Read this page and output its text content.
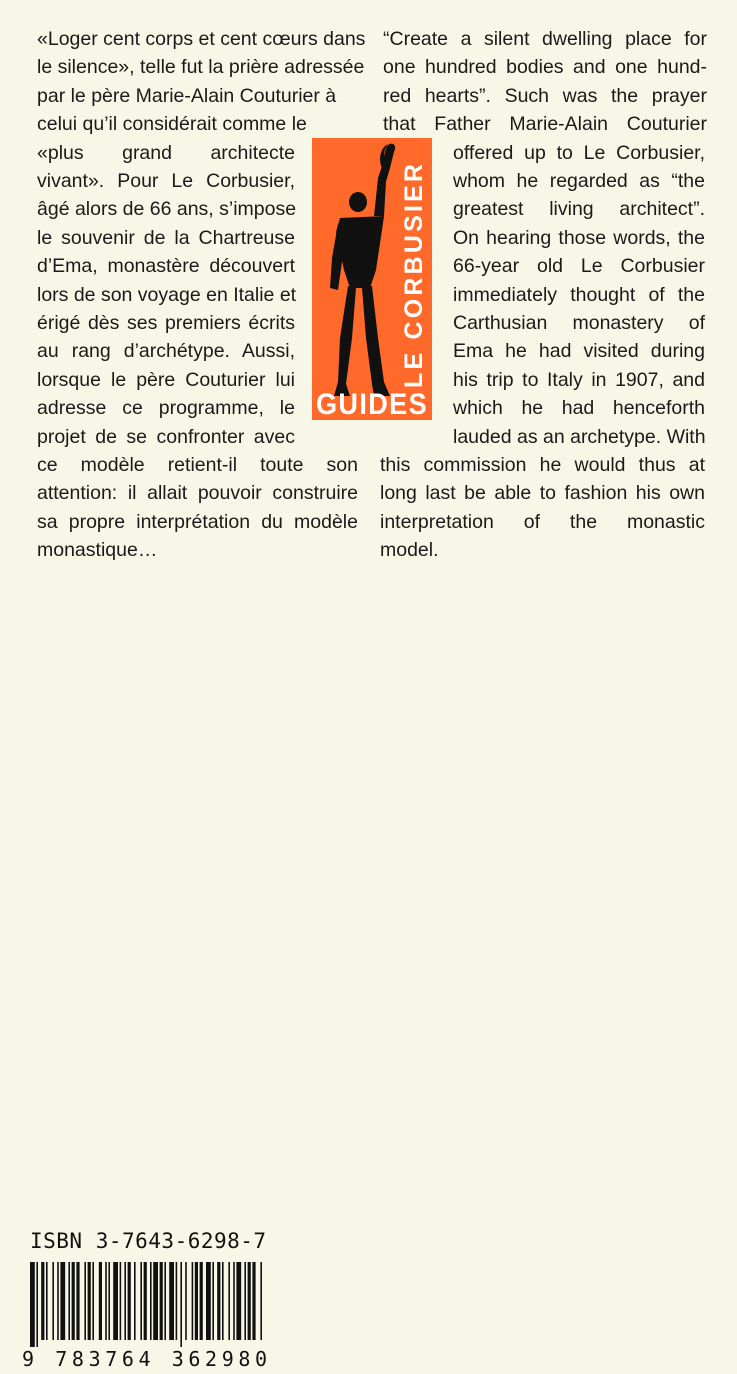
«Loger cent corps et cent cœurs dans
le silence», telle fut la prière adressée
par le père Marie-Alain Couturier à
celui qu’il considérait comme le
«plus grand architecte
vivant». Pour Le Corbusier,
âgé alors de 66 ans, s’impose
le souvenir de la Chartreuse
d’Ema, monastère découvert
lors de son voyage en Italie et
érigé dès ses premiers écrits
au rang d’archétype. Aussi,
lorsque le père Couturier lui
adresse ce programme, le
projet de se confronter avec
ce modèle retient-il toute son
attention: il allait pouvoir construire
sa propre interprétation du modèle
monastique…
“Create a silent dwelling place for
one hundred bodies and one hund-
red hearts”. Such was the prayer
that Father Marie-Alain Couturier
offered up to Le Corbusier,
whom he regarded as “the
greatest living architect”.
On hearing those words, the
66-year old Le Corbusier
immediately thought of the
Carthusian monastery of
Ema he had visited during
his trip to Italy in 1907, and
which he had henceforth
lauded as an archetype. With
this commission he would thus at
long last be able to fashion his own
interpretation of the monastic
model.
LE CORBUSIER
GUIDES
ISBN 3-7643-6298-7
9 783764 362980
